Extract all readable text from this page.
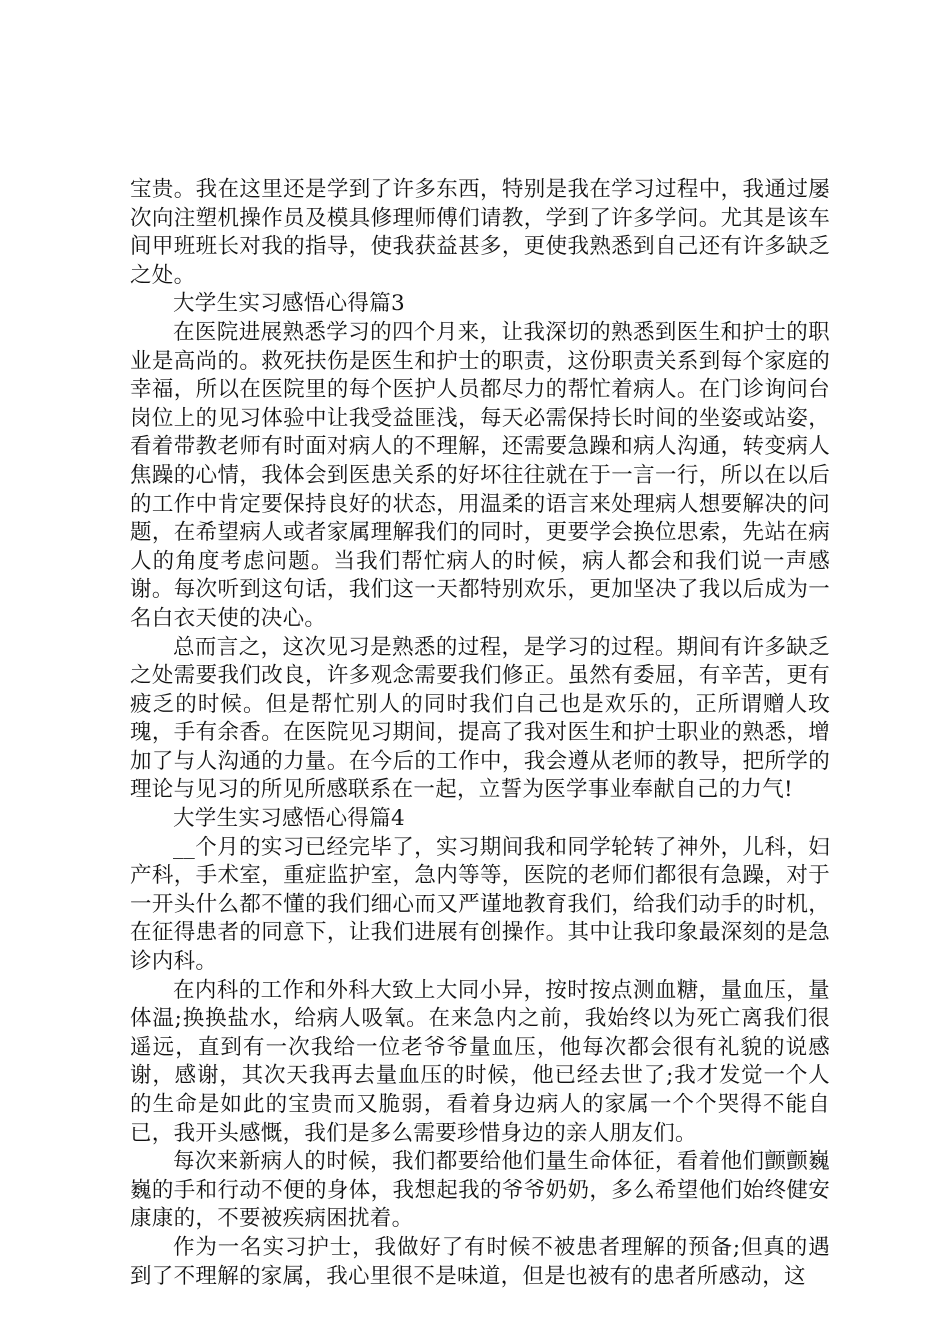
宝贵。我在这里还是学到了许多东西，特别是我在学习过程中，我通过屡次向注塑机操作员及模具修理师傅们请教，学到了许多学问。尤其是该车间甲班班长对我的指导，使我获益甚多，更使我熟悉到自己还有许多缺乏之处。

大学生实习感悟心得篇3

在医院进展熟悉学习的四个月来，让我深切的熟悉到医生和护士的职业是高尚的。救死扶伤是医生和护士的职责，这份职责关系到每个家庭的幸福，所以在医院里的每个医护人员都尽力的帮忙着病人。在门诊询问台岗位上的见习体验中让我受益匪浅，每天必需保持长时间的坐姿或站姿，看着带教老师有时面对病人的不理解，还需要急躁和病人沟通，转变病人焦躁的心情，我体会到医患关系的好坏往往就在于一言一行，所以在以后的工作中肯定要保持良好的状态，用温柔的语言来处理病人想要解决的问题，在希望病人或者家属理解我们的同时，更要学会换位思索，先站在病人的角度考虑问题。当我们帮忙病人的时候，病人都会和我们说一声感谢。每次听到这句话，我们这一天都特别欢乐，更加坚决了我以后成为一名白衣天使的决心。

总而言之，这次见习是熟悉的过程，是学习的过程。期间有许多缺乏之处需要我们改良，许多观念需要我们修正。虽然有委屈，有辛苦，更有疲乏的时候。但是帮忙别人的同时我们自己也是欢乐的，正所谓赠人玫瑰，手有余香。在医院见习期间，提高了我对医生和护士职业的熟悉，增加了与人沟通的力量。在今后的工作中，我会遵从老师的教导，把所学的理论与见习的所见所感联系在一起，立誓为医学事业奉献自己的力气!

大学生实习感悟心得篇4

__个月的实习已经完毕了，实习期间我和同学轮转了神外，儿科，妇产科，手术室，重症监护室，急内等等，医院的老师们都很有急躁，对于一开头什么都不懂的我们细心而又严谨地教育我们，给我们动手的时机，在征得患者的同意下，让我们进展有创操作。其中让我印象最深刻的是急诊内科。

在内科的工作和外科大致上大同小异，按时按点测血糖，量血压，量体温;换换盐水，给病人吸氧。在来急内之前，我始终以为死亡离我们很遥远，直到有一次我给一位老爷爷量血压，他每次都会很有礼貌的说感谢，感谢，其次天我再去量血压的时候，他已经去世了;我才发觉一个人的生命是如此的宝贵而又脆弱，看着身边病人的家属一个个哭得不能自已，我开头感慨，我们是多么需要珍惜身边的亲人朋友们。

每次来新病人的时候，我们都要给他们量生命体征，看着他们颤颤巍巍的手和行动不便的身体，我想起我的爷爷奶奶，多么希望他们始终健安康康的，不要被疾病困扰着。

作为一名实习护士，我做好了有时候不被患者理解的预备;但真的遇到了不理解的家属，我心里很不是味道，但是也被有的患者所感动，这
